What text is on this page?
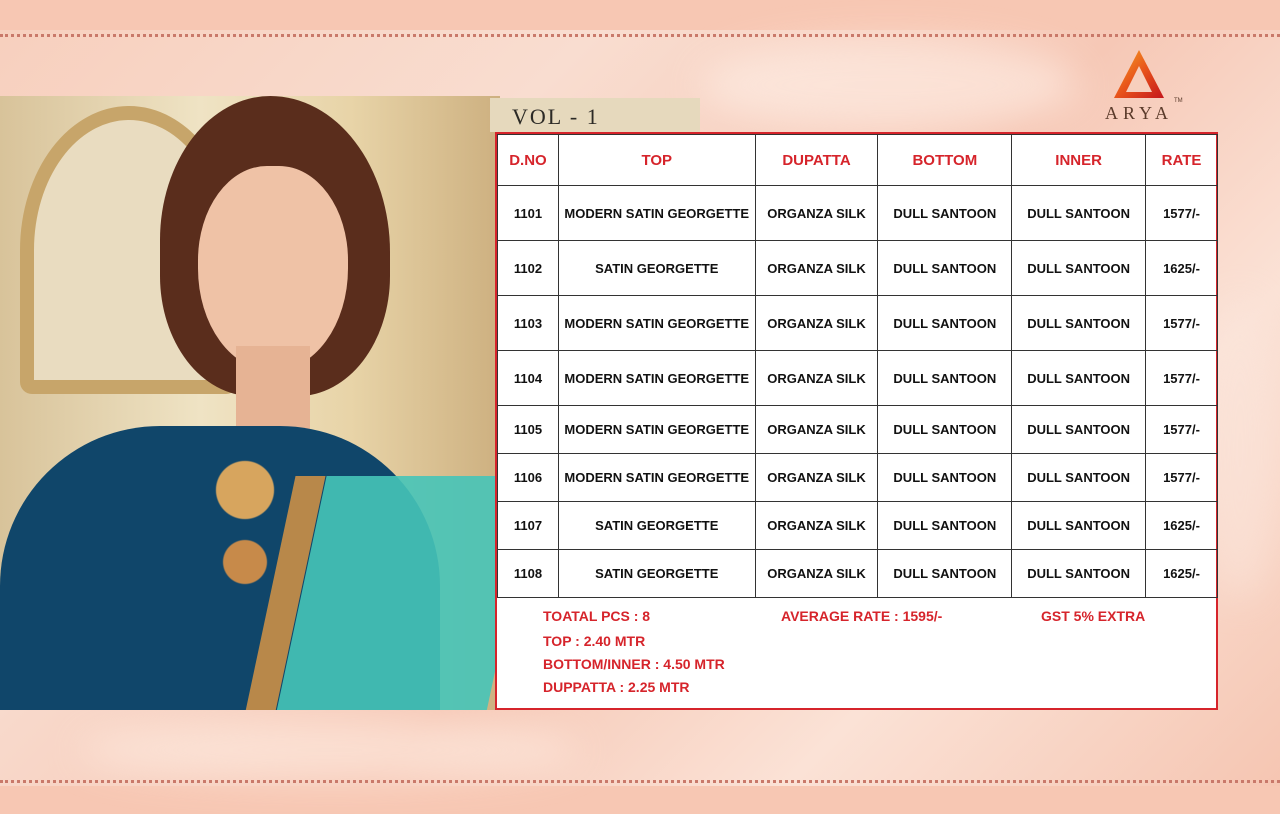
VOL - 1	ARYA
TM
D.NO	TOP	DUPATTA	BOTTOM	INNER	RATE
1101	MODERN SATIN GEORGETTE	ORGANZA SILK	DULL SANTOON	DULL SANTOON	1577/-
1102	SATIN GEORGETTE	ORGANZA SILK	DULL SANTOON	DULL SANTOON	1625/-
1103	MODERN SATIN GEORGETTE	ORGANZA SILK	DULL SANTOON	DULL SANTOON	1577/-
1104	MODERN SATIN GEORGETTE	ORGANZA SILK	DULL SANTOON	DULL SANTOON	1577/-
1105	MODERN SATIN GEORGETTE	ORGANZA SILK	DULL SANTOON	DULL SANTOON	1577/-
1106	MODERN SATIN GEORGETTE	ORGANZA SILK	DULL SANTOON	DULL SANTOON	1577/-
1107	SATIN GEORGETTE	ORGANZA SILK	DULL SANTOON	DULL SANTOON	1625/-
1108	SATIN GEORGETTE	ORGANZA SILK	DULL SANTOON	DULL SANTOON	1625/-
TOATAL PCS : 8	AVERAGE RATE : 1595/-	GST 5% EXTRA
TOP : 2.40 MTR
BOTTOM/INNER : 4.50 MTR
DUPPATTA : 2.25 MTR
